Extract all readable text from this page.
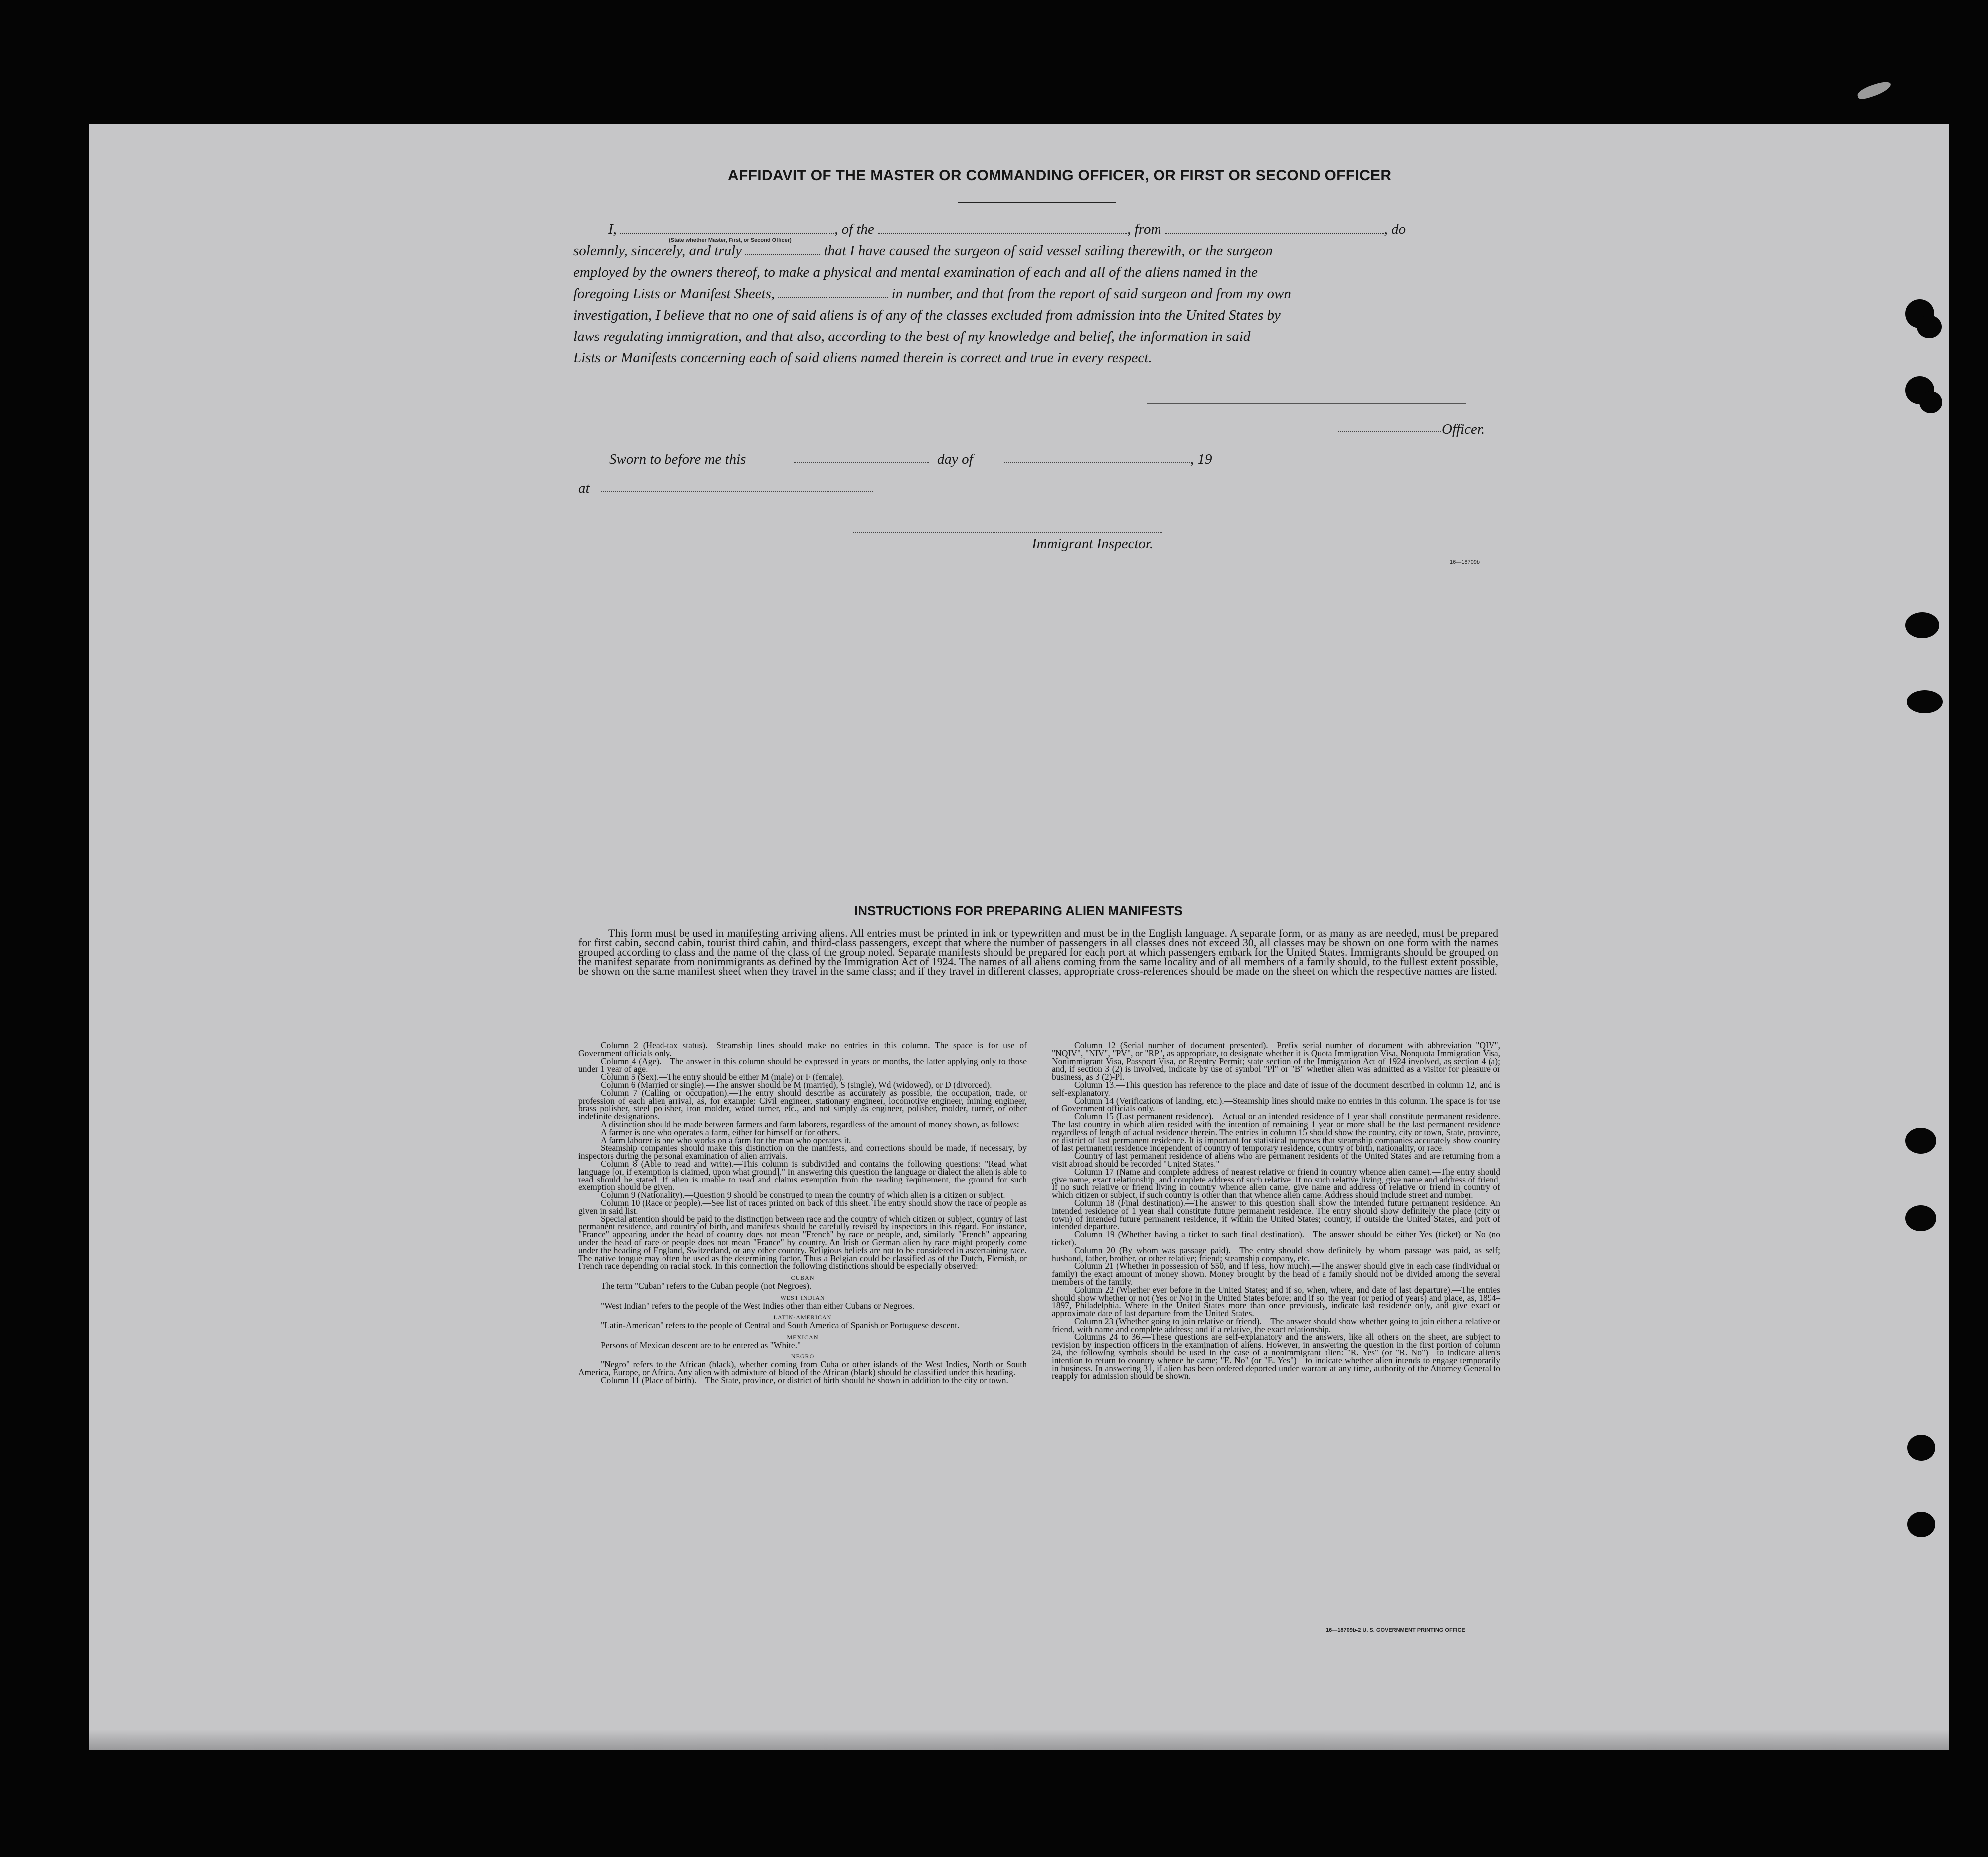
AFFIDAVIT OF THE MASTER OR COMMANDING OFFICER, OR FIRST OR SECOND OFFICER
I,	, of the	, from	, do
(State whether Master, First, or Second Officer)
solemnly, sincerely, and truly	that I have caused the surgeon of said vessel sailing therewith, or the surgeon
employed by the owners thereof, to make a physical and mental examination of each and all of the aliens named in the
foregoing Lists or Manifest Sheets,	in number, and that from the report of said surgeon and from my own
investigation, I believe that no one of said aliens is of any of the classes excluded from admission into the United States by
laws regulating immigration, and that also, according to the best of my knowledge and belief, the information in said
Lists or Manifests concerning each of said aliens named therein is correct and true in every respect.
Officer.
Sworn to before me this	day of	, 19
at
Immigrant Inspector.
16—18709b
INSTRUCTIONS FOR PREPARING ALIEN MANIFESTS
This form must be used in manifesting arriving aliens. All entries must be printed in ink or typewritten and must be in the English language. A separate form, or as many as are needed, must be prepared for first cabin, second cabin, tourist third cabin, and third-class passengers, except that where the number of passengers in all classes does not exceed 30, all classes may be shown on one form with the names grouped according to class and the name of the class of the group noted. Separate manifests should be prepared for each port at which passengers embark for the United States. Immigrants should be grouped on the manifest separate from nonimmigrants as defined by the Immigration Act of 1924. The names of all aliens coming from the same locality and of all members of a family should, to the fullest extent possible, be shown on the same manifest sheet when they travel in the same class; and if they travel in different classes, appropriate cross-references should be made on the sheet on which the respective names are listed.

Column 2 (Head-tax status).—Steamship lines should make no entries in this column. The space is for use of Government officials only.

Column 4 (Age).—The answer in this column should be expressed in years or months, the latter applying only to those under 1 year of age.

Column 5 (Sex).—The entry should be either M (male) or F (female).

Column 6 (Married or single).—The answer should be M (married), S (single), Wd (widowed), or D (divorced).

Column 7 (Calling or occupation).—The entry should describe as accurately as possible, the occupation, trade, or profession of each alien arrival, as, for example: Civil engineer, stationary engineer, locomotive engineer, mining engineer, brass polisher, steel polisher, iron molder, wood turner, etc., and not simply as engineer, polisher, molder, turner, or other indefinite designations.

A distinction should be made between farmers and farm laborers, regardless of the amount of money shown, as follows:

A farmer is one who operates a farm, either for himself or for others.

A farm laborer is one who works on a farm for the man who operates it.

Steamship companies should make this distinction on the manifests, and corrections should be made, if necessary, by inspectors during the personal examination of alien arrivals.

Column 8 (Able to read and write).—This column is subdivided and contains the following questions: "Read what language [or, if exemption is claimed, upon what ground]." In answering this question the language or dialect the alien is able to read should be stated. If alien is unable to read and claims exemption from the reading requirement, the ground for such exemption should be given.

Column 9 (Nationality).—Question 9 should be construed to mean the country of which alien is a citizen or subject.

Column 10 (Race or people).—See list of races printed on back of this sheet. The entry should show the race or people as given in said list.

Special attention should be paid to the distinction between race and the country of which citizen or subject, country of last permanent residence, and country of birth, and manifests should be carefully revised by inspectors in this regard. For instance, "France" appearing under the head of country does not mean "French" by race or people, and, similarly "French" appearing under the head of race or people does not mean "France" by country. An Irish or German alien by race might properly come under the heading of England, Switzerland, or any other country. Religious beliefs are not to be considered in ascertaining race. The native tongue may often be used as the determining factor. Thus a Belgian could be classified as of the Dutch, Flemish, or French race depending on racial stock. In this connection the following distinctions should be especially observed:

CUBAN

The term "Cuban" refers to the Cuban people (not Negroes).

WEST INDIAN

"West Indian" refers to the people of the West Indies other than either Cubans or Negroes.

LATIN-AMERICAN

"Latin-American" refers to the people of Central and South America of Spanish or Portuguese descent.

MEXICAN

Persons of Mexican descent are to be entered as "White."

NEGRO

"Negro" refers to the African (black), whether coming from Cuba or other islands of the West Indies, North or South America, Europe, or Africa. Any alien with admixture of blood of the African (black) should be classified under this heading.

Column 11 (Place of birth).—The State, province, or district of birth should be shown in addition to the city or town.

Column 12 (Serial number of document presented).—Prefix serial number of document with abbreviation "QIV", "NQIV", "NIV", "PV", or "RP", as appropriate, to designate whether it is Quota Immigration Visa, Nonquota Immigration Visa, Nonimmigrant Visa, Passport Visa, or Reentry Permit; state section of the Immigration Act of 1924 involved, as section 4 (a); and, if section 3 (2) is involved, indicate by use of symbol "Pl" or "B" whether alien was admitted as a visitor for pleasure or business, as 3 (2)-Pl.

Column 13.—This question has reference to the place and date of issue of the document described in column 12, and is self-explanatory.

Column 14 (Verifications of landing, etc.).—Steamship lines should make no entries in this column. The space is for use of Government officials only.

Column 15 (Last permanent residence).—Actual or an intended residence of 1 year shall constitute permanent residence. The last country in which alien resided with the intention of remaining 1 year or more shall be the last permanent residence regardless of length of actual residence therein. The entries in column 15 should show the country, city or town, State, province, or district of last permanent residence. It is important for statistical purposes that steamship companies accurately show country of last permanent residence independent of country of temporary residence, country of birth, nationality, or race.

Country of last permanent residence of aliens who are permanent residents of the United States and are returning from a visit abroad should be recorded "United States."

Column 17 (Name and complete address of nearest relative or friend in country whence alien came).—The entry should give name, exact relationship, and complete address of such relative. If no such relative living, give name and address of friend. If no such relative or friend living in country whence alien came, give name and address of relative or friend in country of which citizen or subject, if such country is other than that whence alien came. Address should include street and number.

Column 18 (Final destination).—The answer to this question shall show the intended future permanent residence. An intended residence of 1 year shall constitute future permanent residence. The entry should show definitely the place (city or town) of intended future permanent residence, if within the United States; country, if outside the United States, and port of intended departure.

Column 19 (Whether having a ticket to such final destination).—The answer should be either Yes (ticket) or No (no ticket).

Column 20 (By whom was passage paid).—The entry should show definitely by whom passage was paid, as self; husband, father, brother, or other relative; friend; steamship company, etc.

Column 21 (Whether in possession of $50, and if less, how much).—The answer should give in each case (individual or family) the exact amount of money shown. Money brought by the head of a family should not be divided among the several members of the family.

Column 22 (Whether ever before in the United States; and if so, when, where, and date of last departure).—The entries should show whether or not (Yes or No) in the United States before; and if so, the year (or period of years) and place, as, 1894–1897, Philadelphia. Where in the United States more than once previously, indicate last residence only, and give exact or approximate date of last departure from the United States.

Column 23 (Whether going to join relative or friend).—The answer should show whether going to join either a relative or friend, with name and complete address; and if a relative, the exact relationship.

Columns 24 to 36.—These questions are self-explanatory and the answers, like all others on the sheet, are subject to revision by inspection officers in the examination of aliens. However, in answering the question in the first portion of column 24, the following symbols should be used in the case of a nonimmigrant alien: "R. Yes" (or "R. No")—to indicate alien's intention to return to country whence he came; "E. No" (or "E. Yes")—to indicate whether alien intends to engage temporarily in business. In answering 31, if alien has been ordered deported under warrant at any time, authority of the Attorney General to reapply for admission should be shown.

16—18709b-2 U. S. GOVERNMENT PRINTING OFFICE
